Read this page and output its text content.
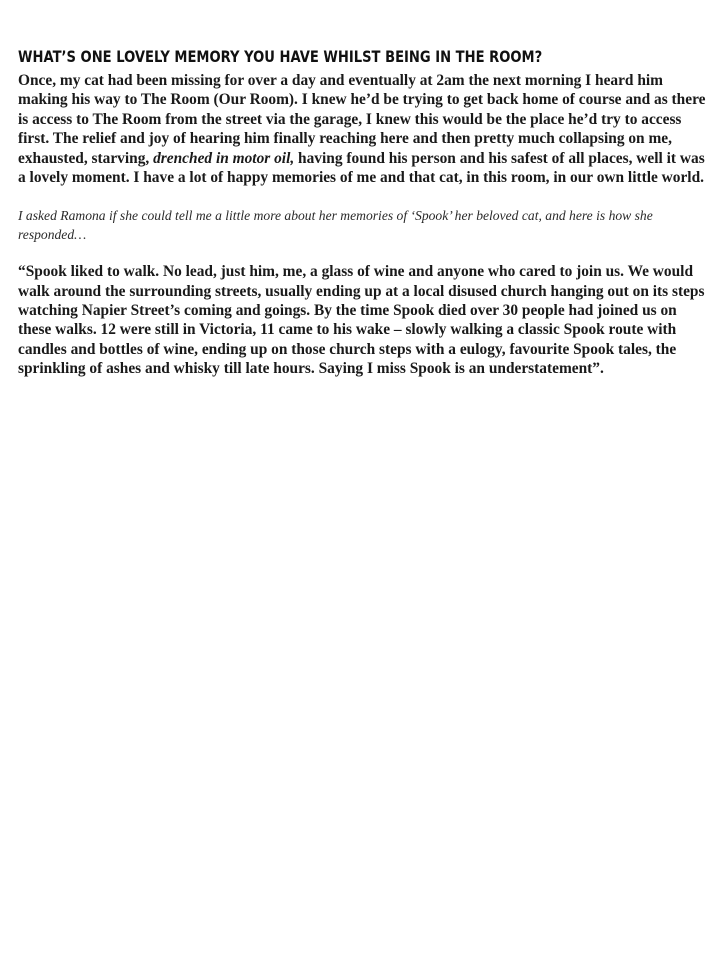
WHAT’S ONE LOVELY MEMORY YOU HAVE WHILST BEING IN THE ROOM?

Once, my cat had been missing for over a day and eventually at 2am the next morning I heard him making his way to The Room (Our Room). I knew he’d be trying to get back home of course and as there is access to The Room from the street via the garage, I knew this would be the place he’d try to access first. The relief and joy of hearing him finally reaching here and then pretty much collapsing on me, exhausted, starving, drenched in motor oil, having found his person and his safest of all places, well it was a lovely moment. I have a lot of happy memories of me and that cat, in this room, in our own little world.

I asked Ramona if she could tell me a little more about her memories of ‘Spook’ her beloved cat, and here is how she responded…

“Spook liked to walk. No lead, just him, me, a glass of wine and anyone who cared to join us. We would walk around the surrounding streets, usually ending up at a local disused church hanging out on its steps watching Napier Street’s coming and goings. By the time Spook died over 30 people had joined us on these walks. 12 were still in Victoria, 11 came to his wake – slowly walking a classic Spook route with candles and bottles of wine, ending up on those church steps with a eulogy, favourite Spook tales, the sprinkling of ashes and whisky till late hours. Saying I miss Spook is an understatement”.
